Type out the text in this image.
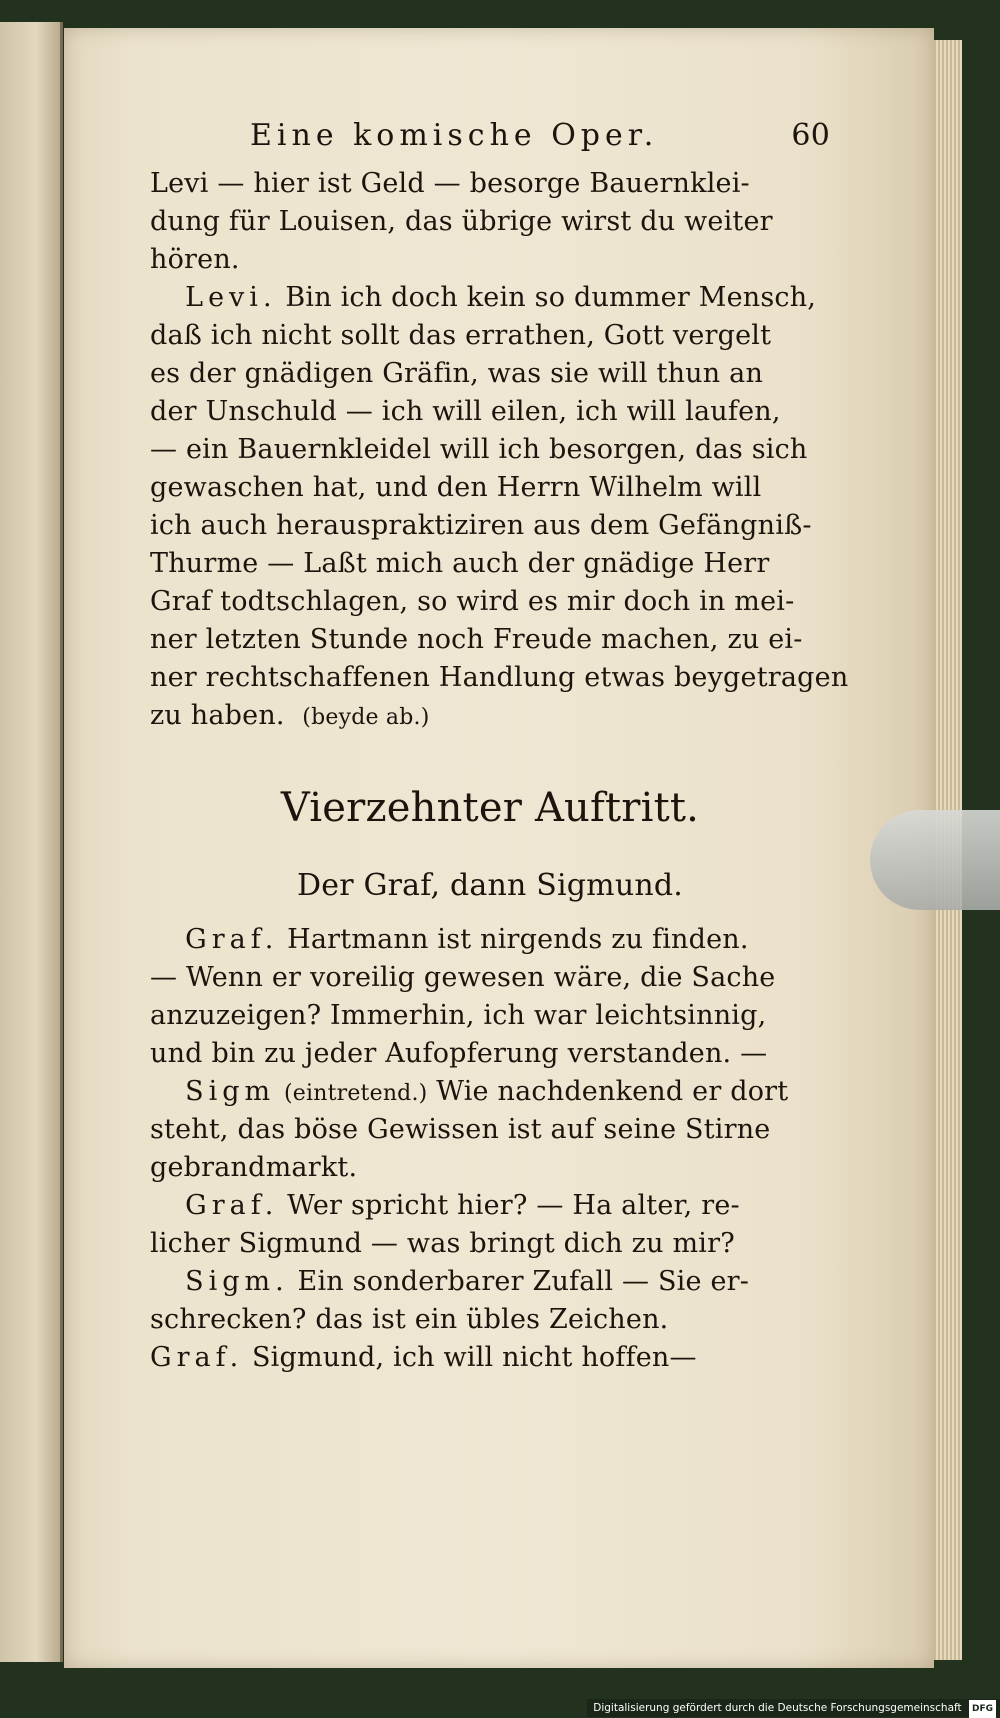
Eine komische Oper.	60
Levi — hier ist Geld — besorge Bauernklei-
dung für Louisen, das übrige wirst du weiter
hören.
Levi. Bin ich doch kein so dummer Mensch,
daß ich nicht sollt das errathen, Gott vergelt
es der gnädigen Gräfin, was sie will thun an
der Unschuld — ich will eilen, ich will laufen,
— ein Bauernkleidel will ich besorgen, das sich
gewaschen hat, und den Herrn Wilhelm will
ich auch herauspraktiziren aus dem Gefängniß-
Thurme — Laßt mich auch der gnädige Herr
Graf todtschlagen, so wird es mir doch in mei-
ner letzten Stunde noch Freude machen, zu ei-
ner rechtschaffenen Handlung etwas beygetragen
zu haben. (beyde ab.)
Vierzehnter Auftritt.
Der Graf, dann Sigmund.
Graf. Hartmann ist nirgends zu finden.
— Wenn er voreilig gewesen wäre, die Sache
anzuzeigen? Immerhin, ich war leichtsinnig,
und bin zu jeder Aufopferung verstanden. —
Sigm (eintretend.) Wie nachdenkend er dort
steht, das böse Gewissen ist auf seine Stirne
gebrandmarkt.
Graf. Wer spricht hier? — Ha alter, re-
licher Sigmund — was bringt dich zu mir?
Sigm. Ein sonderbarer Zufall — Sie er-
schrecken? das ist ein übles Zeichen.
Graf. Sigmund, ich will nicht hoffen—
Digitalisierung gefördert durch die Deutsche Forschungsgemeinschaft DFG
